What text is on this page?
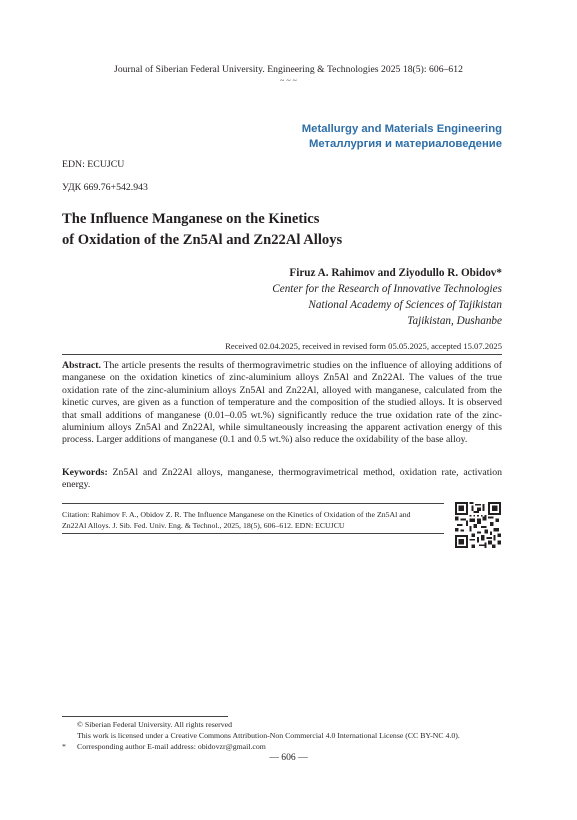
Journal of Siberian Federal University. Engineering & Technologies 2025 18(5): 606–612
~ ~ ~
Metallurgy and Materials Engineering
Металлургия и материаловедение
EDN: ECUJCU
УДК 669.76+542.943
The Influence Manganese on the Kinetics
of Oxidation of the Zn5Al and Zn22Al Alloys
Firuz A. Rahimov and Ziyodullo R. Obidov*
Center for the Research of Innovative Technologies
National Academy of Sciences of Tajikistan
Tajikistan, Dushanbe
Received 02.04.2025, received in revised form 05.05.2025, accepted 15.07.2025
Abstract. The article presents the results of thermogravimetric studies on the influence of alloying additions of manganese on the oxidation kinetics of zinc-aluminium alloys Zn5Al and Zn22Al. The values of the true oxidation rate of the zinc-aluminium alloys Zn5Al and Zn22Al, alloyed with manganese, calculated from the kinetic curves, are given as a function of temperature and the composition of the studied alloys. It is observed that small additions of manganese (0.01–0.05 wt.%) significantly reduce the true oxidation rate of the zinc-aluminium alloys Zn5Al and Zn22Al, while simultaneously increasing the apparent activation energy of this process. Larger additions of manganese (0.1 and 0.5 wt.%) also reduce the oxidability of the base alloy.
Keywords: Zn5Al and Zn22Al alloys, manganese, thermogravimetrical method, oxidation rate, activation energy.
Citation: Rahimov F. A., Obidov Z. R. The Influence Manganese on the Kinetics of Oxidation of the Zn5Al and
Zn22Al Alloys. J. Sib. Fed. Univ. Eng. & Technol., 2025, 18(5), 606–612. EDN: ECUJCU
© Siberian Federal University. All rights reserved
This work is licensed under a Creative Commons Attribution-Non Commercial 4.0 International License (CC BY-NC 4.0).
* Corresponding author E-mail address: obidovzr@gmail.com
— 606 —
